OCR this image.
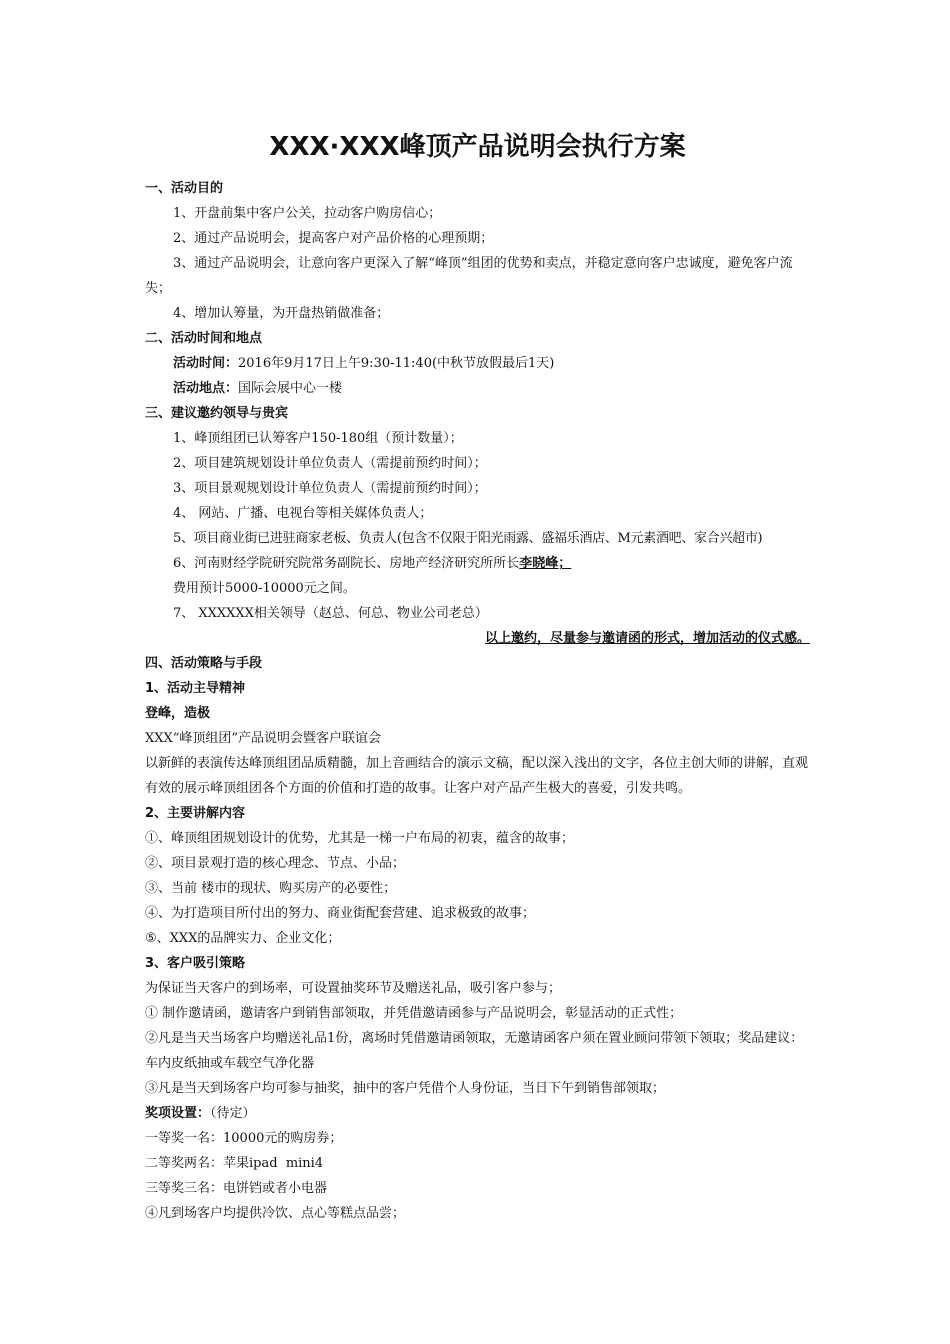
XXX·XXX峰顶产品说明会执行方案

一、活动目的

1、开盘前集中客户公关，拉动客户购房信心；

2、通过产品说明会，提高客户对产品价格的心理预期；

3、通过产品说明会，让意向客户更深入了解“峰顶”组团的优势和卖点，并稳定意向客户忠诚度，避免客户流失；

4、增加认筹量，为开盘热销做准备；

二、活动时间和地点

活动时间：2016年9月17日上午9:30-11:40(中秋节放假最后1天)

活动地点：国际会展中心一楼

三、建议邀约领导与贵宾

1、峰顶组团已认筹客户150-180组（预计数量）；

2、项目建筑规划设计单位负责人（需提前预约时间）；

3、项目景观规划设计单位负责人（需提前预约时间）；

4、 网站、广播、电视台等相关媒体负责人；

5、项目商业街已进驻商家老板、负责人(包含不仅限于阳光雨露、盛福乐酒店、M元素酒吧、家合兴超市)

6、河南财经学院研究院常务副院长、房地产经济研究所所长李晓峰；

费用预计5000-10000元之间。

7、 XXXXXX相关领导（赵总、何总、物业公司老总）

以上邀约，尽量参与邀请函的形式，增加活动的仪式感。

四、活动策略与手段

1、活动主导精神

登峰，造极

XXX“峰顶组团”产品说明会暨客户联谊会

以新鲜的表演传达峰顶组团品质精髓，加上音画结合的演示文稿，配以深入浅出的文字，各位主创大师的讲解，直观有效的展示峰顶组团各个方面的价值和打造的故事。让客户对产品产生极大的喜爱，引发共鸣。

2、主要讲解内容

①、峰顶组团规划设计的优势，尤其是一梯一户布局的初衷，蕴含的故事；

②、项目景观打造的核心理念、节点、小品；

③、当前 楼市的现状、购买房产的必要性；

④、为打造项目所付出的努力、商业街配套营建、追求极致的故事；

⑤、XXX的品牌实力、企业文化；

3、客户吸引策略

为保证当天客户的到场率，可设置抽奖环节及赠送礼品，吸引客户参与；

① 制作邀请函，邀请客户到销售部领取，并凭借邀请函参与产品说明会，彰显活动的正式性；

②凡是当天当场客户均赠送礼品1份，离场时凭借邀请函领取，无邀请函客户须在置业顾问带领下领取；奖品建议：车内皮纸抽或车载空气净化器

③凡是当天到场客户均可参与抽奖，抽中的客户凭借个人身份证，当日下午到销售部领取；

奖项设置：（待定）

一等奖一名：10000元的购房券；

二等奖两名：苹果ipad  mini4

三等奖三名：电饼铛或者小电器

④凡到场客户均提供冷饮、点心等糕点品尝；
